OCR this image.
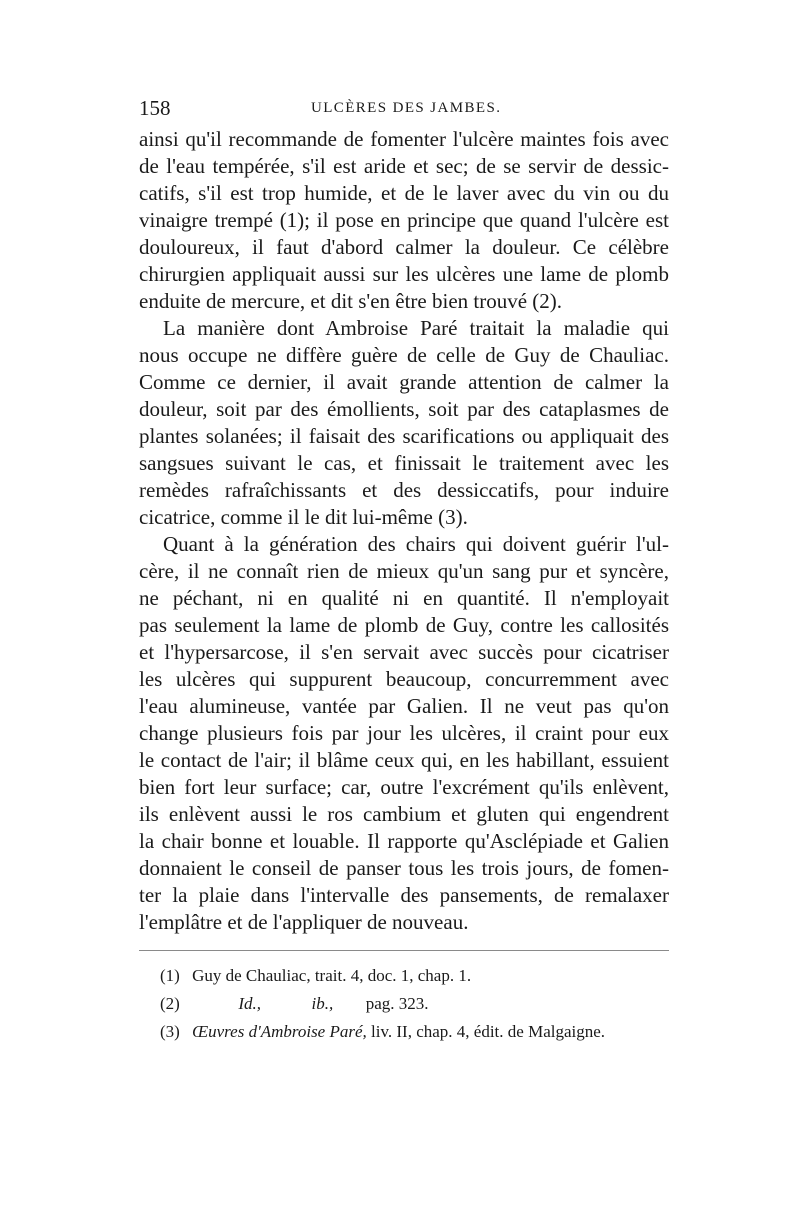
158	ULCÈRES DES JAMBES.

ainsi qu'il recommande de fomenter l'ulcère maintes fois avec
de l'eau tempérée, s'il est aride et sec; de se servir de dessic-
catifs, s'il est trop humide, et de le laver avec du vin ou du
vinaigre trempé (1); il pose en principe que quand l'ulcère est
douloureux, il faut d'abord calmer la douleur. Ce célèbre
chirurgien appliquait aussi sur les ulcères une lame de plomb
enduite de mercure, et dit s'en être bien trouvé (2).

La manière dont Ambroise Paré traitait la maladie qui
nous occupe ne diffère guère de celle de Guy de Chauliac.
Comme ce dernier, il avait grande attention de calmer la
douleur, soit par des émollients, soit par des cataplasmes de
plantes solanées; il faisait des scarifications ou appliquait des
sangsues suivant le cas, et finissait le traitement avec les
remèdes rafraîchissants et des dessiccatifs, pour induire
cicatrice, comme il le dit lui-même (3).

Quant à la génération des chairs qui doivent guérir l'ul-
cère, il ne connaît rien de mieux qu'un sang pur et syncère,
ne péchant, ni en qualité ni en quantité. Il n'employait
pas seulement la lame de plomb de Guy, contre les callosités
et l'hypersarcose, il s'en servait avec succès pour cicatriser
les ulcères qui suppurent beaucoup, concurremment avec
l'eau alumineuse, vantée par Galien. Il ne veut pas qu'on
change plusieurs fois par jour les ulcères, il craint pour eux
le contact de l'air; il blâme ceux qui, en les habillant, essuient
bien fort leur surface; car, outre l'excrément qu'ils enlèvent,
ils enlèvent aussi le ros cambium et gluten qui engendrent
la chair bonne et louable. Il rapporte qu'Asclépiade et Galien
donnaient le conseil de panser tous les trois jours, de fomen-
ter la plaie dans l'intervalle des pansements, de remalaxer
l'emplâtre et de l'appliquer de nouveau.

(1) Guy de Chauliac, trait. 4, doc. 1, chap. 1.
(2)	Id.,	ib., pag. 323.
(3) Œuvres d'Ambroise Paré, liv. II, chap. 4, édit. de Malgaigne.
